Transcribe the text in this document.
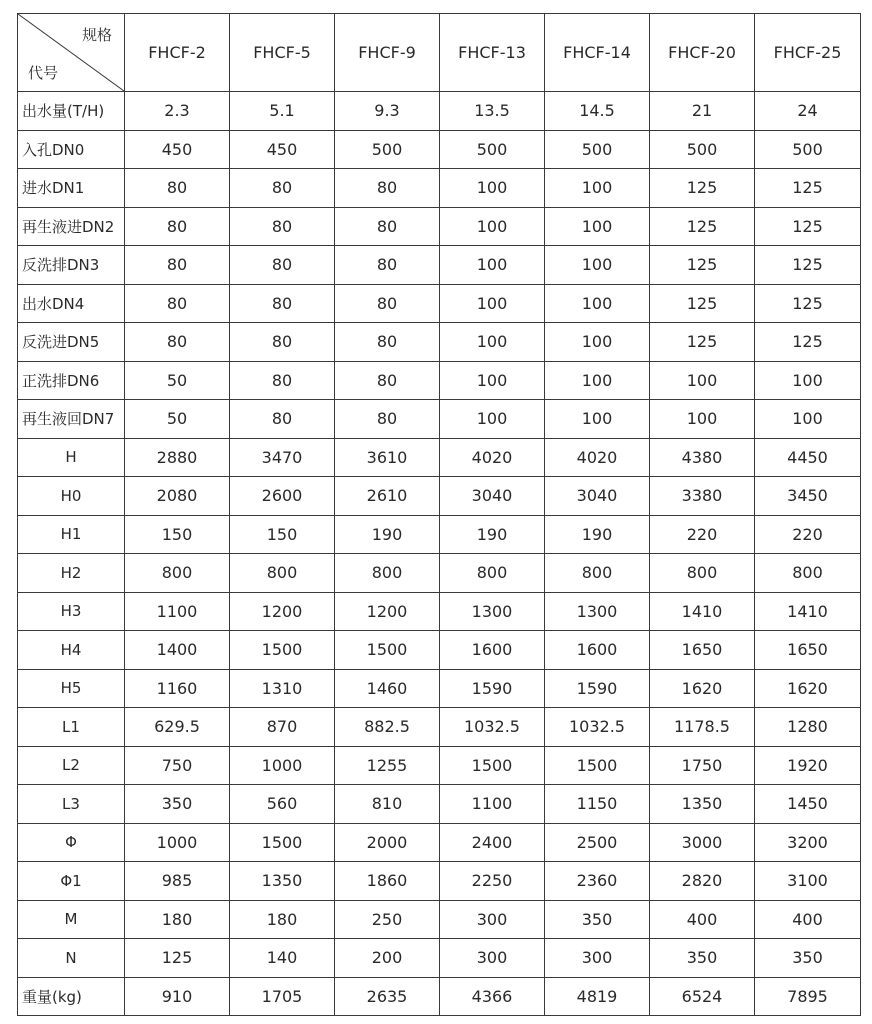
规格
代号	FHCF-2	FHCF-5	FHCF-9	FHCF-13	FHCF-14	FHCF-20	FHCF-25
出水量(T/H)	2.3	5.1	9.3	13.5	14.5	21	24
入孔DN0	450	450	500	500	500	500	500
进水DN1	80	80	80	100	100	125	125
再生液进DN2	80	80	80	100	100	125	125
反洗排DN3	80	80	80	100	100	125	125
出水DN4	80	80	80	100	100	125	125
反洗进DN5	80	80	80	100	100	125	125
正洗排DN6	50	80	80	100	100	100	100
再生液回DN7	50	80	80	100	100	100	100
H	2880	3470	3610	4020	4020	4380	4450
H0	2080	2600	2610	3040	3040	3380	3450
H1	150	150	190	190	190	220	220
H2	800	800	800	800	800	800	800
H3	1100	1200	1200	1300	1300	1410	1410
H4	1400	1500	1500	1600	1600	1650	1650
H5	1160	1310	1460	1590	1590	1620	1620
L1	629.5	870	882.5	1032.5	1032.5	1178.5	1280
L2	750	1000	1255	1500	1500	1750	1920
L3	350	560	810	1100	1150	1350	1450
Φ	1000	1500	2000	2400	2500	3000	3200
Φ1	985	1350	1860	2250	2360	2820	3100
M	180	180	250	300	350	400	400
N	125	140	200	300	300	350	350
重量(kg)	910	1705	2635	4366	4819	6524	7895
